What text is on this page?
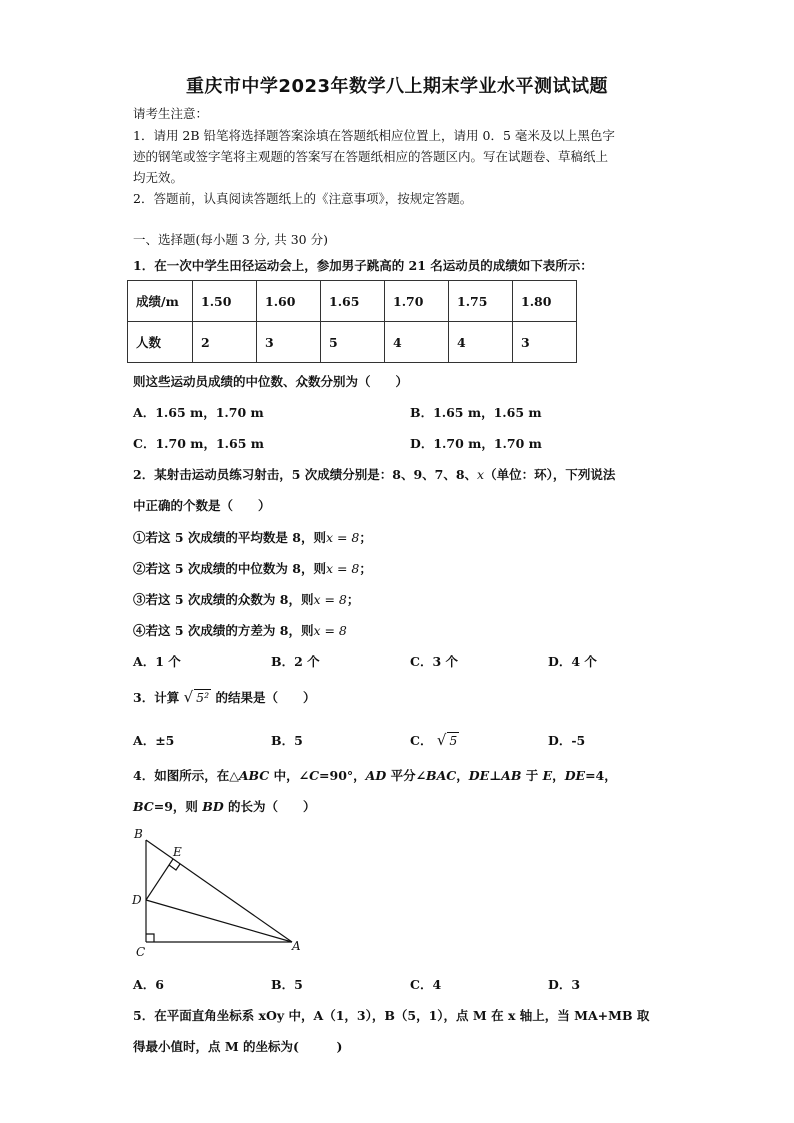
重庆市中学2023年数学八上期末学业水平测试试题
请考生注意：
1．请用 2B 铅笔将选择题答案涂填在答题纸相应位置上，请用 0．5 毫米及以上黑色字
迹的钢笔或签字笔将主观题的答案写在答题纸相应的答题区内。写在试题卷、草稿纸上
均无效。
2．答题前，认真阅读答题纸上的《注意事项》，按规定答题。
一、选择题(每小题 3 分, 共 30 分)
1．在一次中学生田径运动会上，参加男子跳高的 21 名运动员的成绩如下表所示：
成绩/m	1.50	1.60	1.65	1.70	1.75	1.80
人数	2	3	5	4	4	3
则这些运动员成绩的中位数、众数分别为（　　）
A．1.65 m，1.70 m	B．1.65 m，1.65 m
C．1.70 m，1.65 m	D．1.70 m，1.70 m
2．某射击运动员练习射击，5 次成绩分别是：8、9、7、8、x（单位：环），下列说法
中正确的个数是（　　）
①若这 5 次成绩的平均数是 8，则x = 8；
②若这 5 次成绩的中位数为 8，则x = 8；
③若这 5 次成绩的众数为 8，则x = 8；
④若这 5 次成绩的方差为 8，则x = 8
A．1 个	B．2 个	C．3 个	D．4 个
3．计算 √ 5² 的结果是（　　）
A．±5	B．5	C． √ 5	D．-5
4．如图所示，在△ABC 中，∠C=90°，AD 平分∠BAC，DE⊥AB 于 E，DE=4，
BC=9，则 BD 的长为（　　）
B
E
D
C	A
A．6	B．5	C．4	D．3
5．在平面直角坐标系 xOy 中，A（1，3），B（5，1），点 M 在 x 轴上，当 MA+MB 取
得最小值时，点 M 的坐标为(　　　)
